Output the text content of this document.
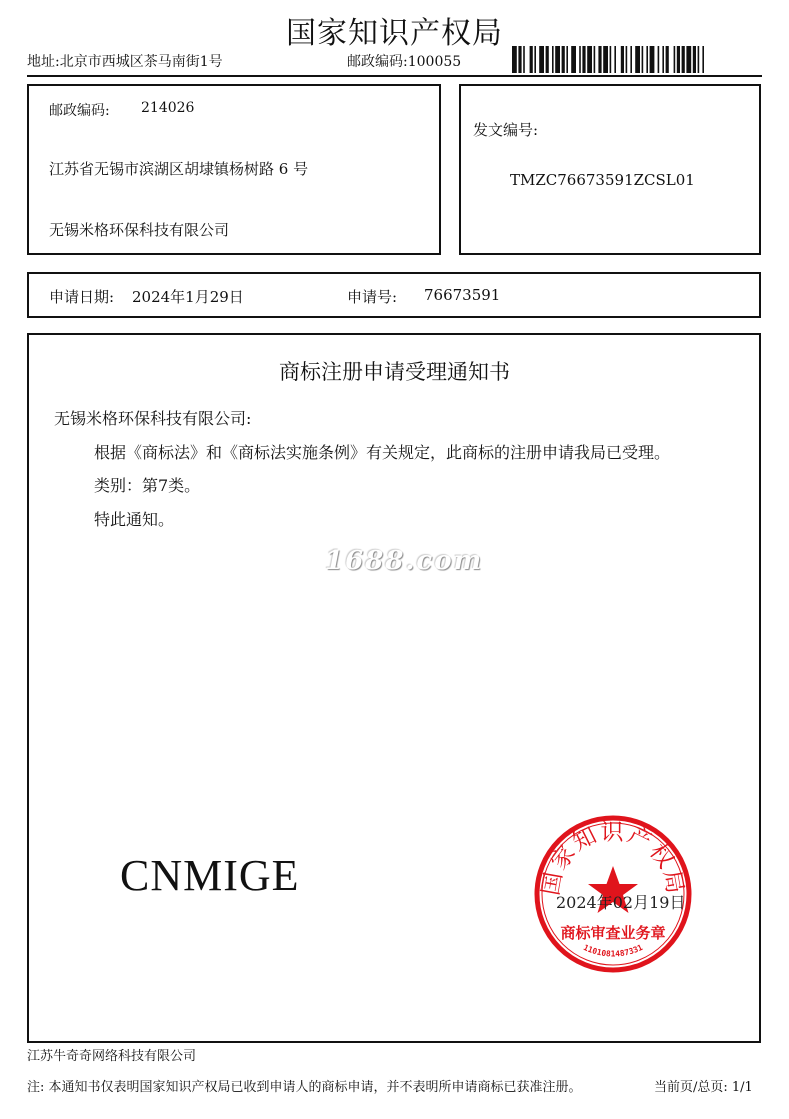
国家知识产权局
地址:北京市西城区茶马南街1号	邮政编码:100055
邮政编码: 214026
江苏省无锡市滨湖区胡埭镇杨树路 6 号
无锡米格环保科技有限公司
发文编号:
TMZC76673591ZCSL01
申请日期: 2024年1月29日	申请号: 76673591
商标注册申请受理通知书
无锡米格环保科技有限公司:
根据《商标法》和《商标法实施条例》有关规定，此商标的注册申请我局已受理。
类别：第7类。
特此通知。
1688.com
CNMIGE	国家知识产权局
商标审查业务章
1101081487331
2024年02月19日
江苏牛奇奇网络科技有限公司
注: 本通知书仅表明国家知识产权局已收到申请人的商标申请，并不表明所申请商标已获准注册。	当前页/总页: 1/1
